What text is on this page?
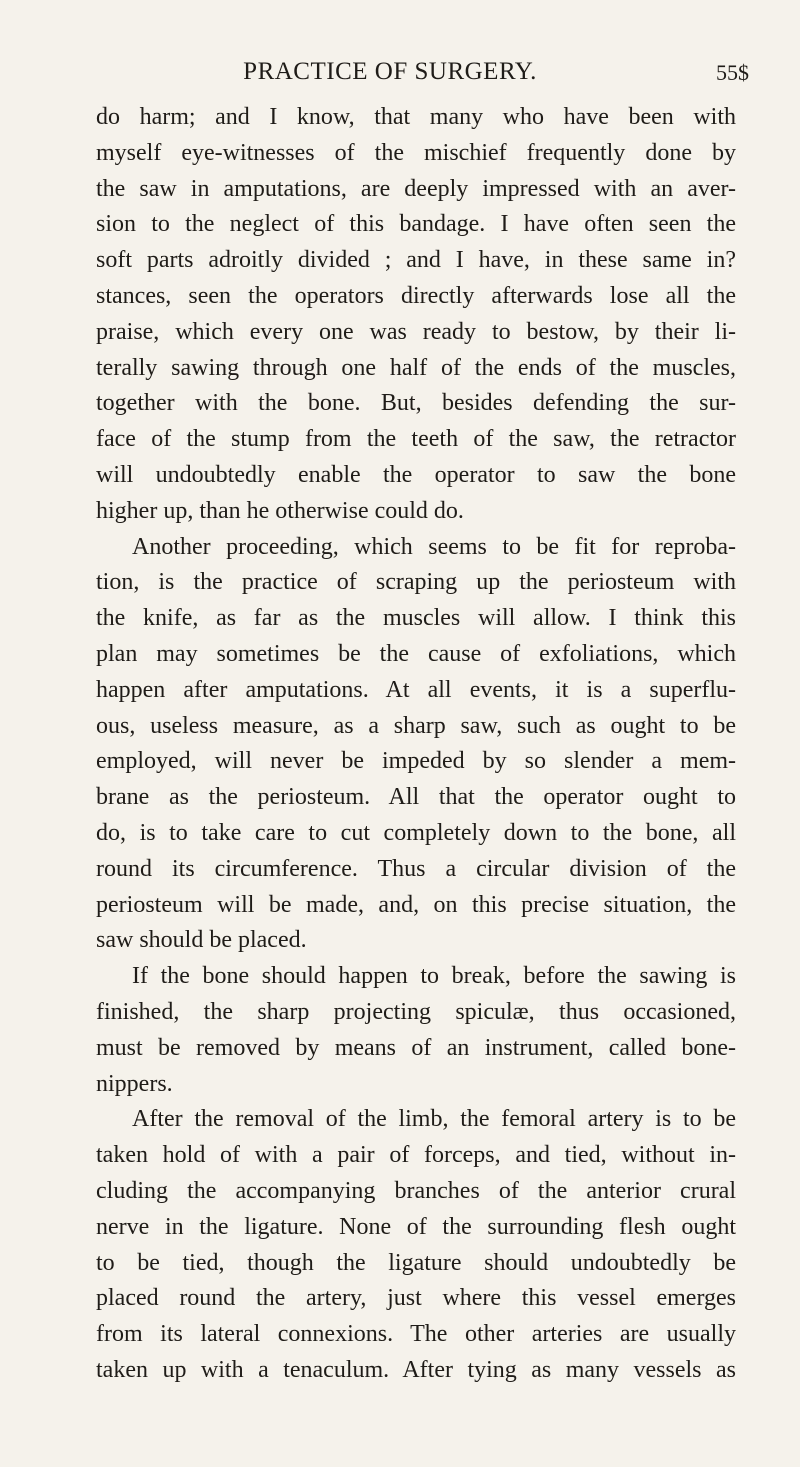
PRACTICE OF SURGERY.	55$
do harm; and I know, that many who have been with
myself eye-witnesses of the mischief frequently done by
the saw in amputations, are deeply impressed with an aver-
sion to the neglect of this bandage. I have often seen the
soft parts adroitly divided ; and I have, in these same in?
stances, seen the operators directly afterwards lose all the
praise, which every one was ready to bestow, by their li-
terally sawing through one half of the ends of the muscles,
together with the bone. But, besides defending the sur-
face of the stump from the teeth of the saw, the retractor
will undoubtedly enable the operator to saw the bone
higher up, than he otherwise could do.
Another proceeding, which seems to be fit for reproba-
tion, is the practice of scraping up the periosteum with
the knife, as far as the muscles will allow. I think this
plan may sometimes be the cause of exfoliations, which
happen after amputations. At all events, it is a superflu-
ous, useless measure, as a sharp saw, such as ought to be
employed, will never be impeded by so slender a mem-
brane as the periosteum. All that the operator ought to
do, is to take care to cut completely down to the bone, all
round its circumference. Thus a circular division of the
periosteum will be made, and, on this precise situation, the
saw should be placed.
If the bone should happen to break, before the sawing is
finished, the sharp projecting spiculæ, thus occasioned,
must be removed by means of an instrument, called bone-
nippers.
After the removal of the limb, the femoral artery is to be
taken hold of with a pair of forceps, and tied, without in-
cluding the accompanying branches of the anterior crural
nerve in the ligature. None of the surrounding flesh ought
to be tied, though the ligature should undoubtedly be
placed round the artery, just where this vessel emerges
from its lateral connexions. The other arteries are usually
taken up with a tenaculum. After tying as many vessels as
